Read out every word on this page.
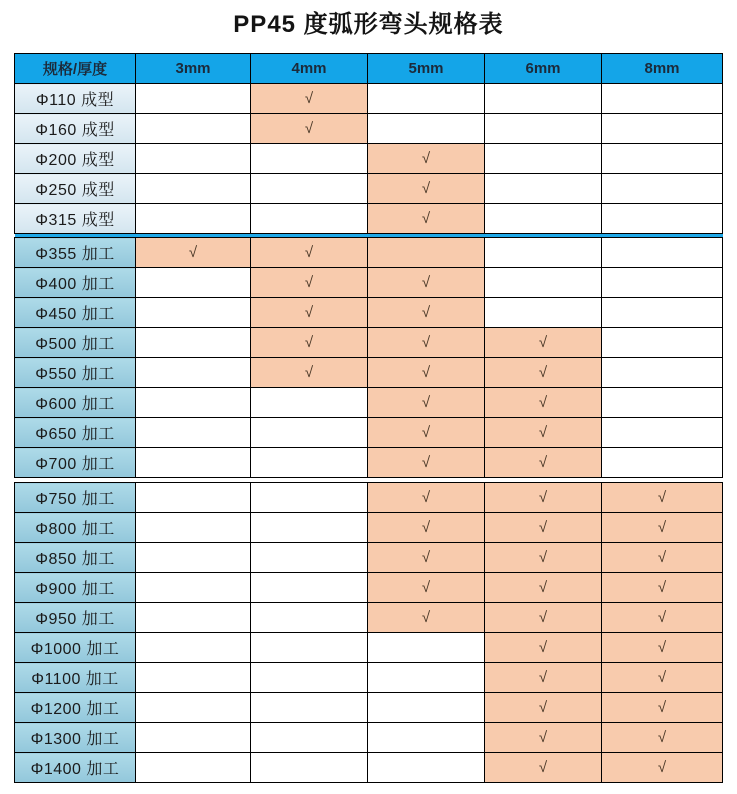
PP45 度弧形弯头规格表
规格/厚度	3mm	4mm	5mm	6mm	8mm
Φ110 成型		√			
Φ160 成型		√			
Φ200 成型			√		
Φ250 成型			√		
Φ315 成型			√		

Φ355 加工	√	√			
Φ400 加工		√	√		
Φ450 加工		√	√		
Φ500 加工		√	√	√	
Φ550 加工		√	√	√	
Φ600 加工			√	√	
Φ650 加工			√	√	
Φ700 加工			√	√	

Φ750 加工			√	√	√
Φ800 加工			√	√	√
Φ850 加工			√	√	√
Φ900 加工			√	√	√
Φ950 加工			√	√	√
Φ1000 加工				√	√
Φ1100 加工				√	√
Φ1200 加工				√	√
Φ1300 加工				√	√
Φ1400 加工				√	√
